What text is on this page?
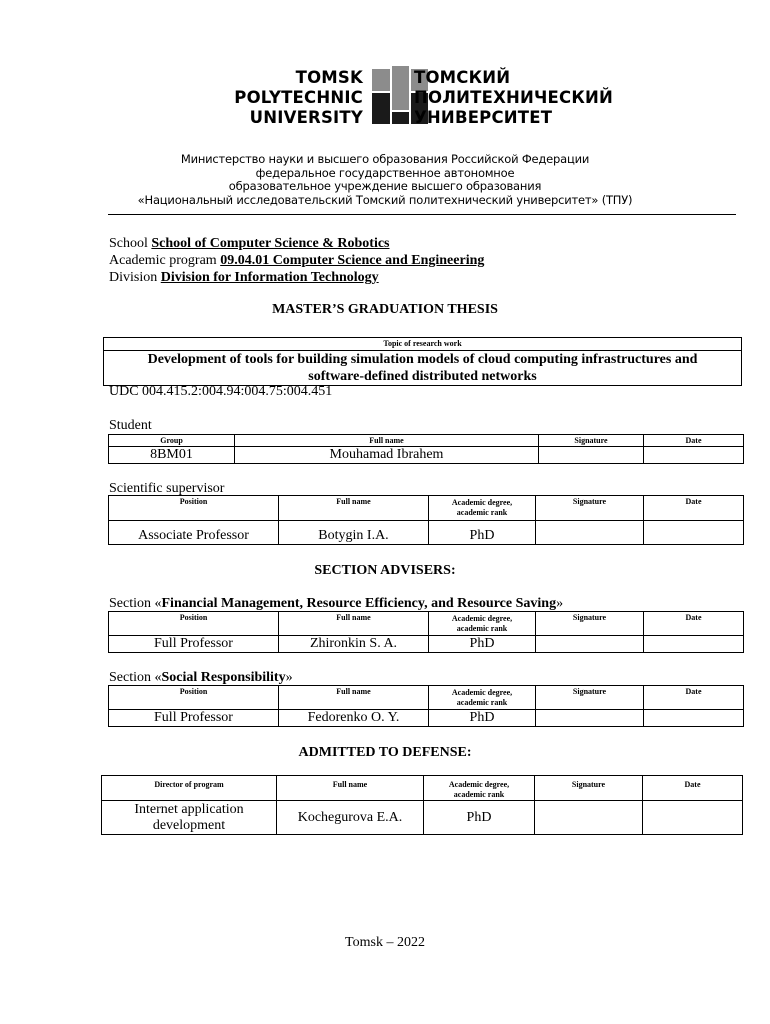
TOMSK
POLYTECHNIC
UNIVERSITY
ТОМСКИЙ
ПОЛИТЕХНИЧЕСКИЙ
УНИВЕРСИТЕТ
Министерство науки и высшего образования Российской Федерации
федеральное государственное автономное
образовательное учреждение высшего образования
«Национальный исследовательский Томский политехнический университет» (ТПУ)
School School of Computer Science & Robotics
Academic program 09.04.01 Computer Science and Engineering
Division Division for Information Technology
MASTER’S GRADUATION THESIS
Topic of research work
Development of tools for building simulation models of cloud computing infrastructures and
software-defined distributed networks
UDC 004.415.2:004.94:004.75:004.451
Student
Group	Full name	Signature	Date
8BM01	Mouhamad Ibrahem		
Scientific supervisor
Position	Full name	Academic degree,
academic rank	Signature	Date
Associate Professor	Botygin I.A.	PhD		
SECTION ADVISERS:
Section «Financial Management, Resource Efficiency, and Resource Saving»
Position	Full name	Academic degree,
academic rank	Signature	Date
Full Professor	Zhironkin S. A.	PhD		
Section «Social Responsibility»
Position	Full name	Academic degree,
academic rank	Signature	Date
Full Professor	Fedorenko O. Y.	PhD		
ADMITTED TO DEFENSE:
Director of program	Full name	Academic degree,
academic rank	Signature	Date

Internet application
development	Kochegurova E.A.	PhD		
Tomsk – 2022
